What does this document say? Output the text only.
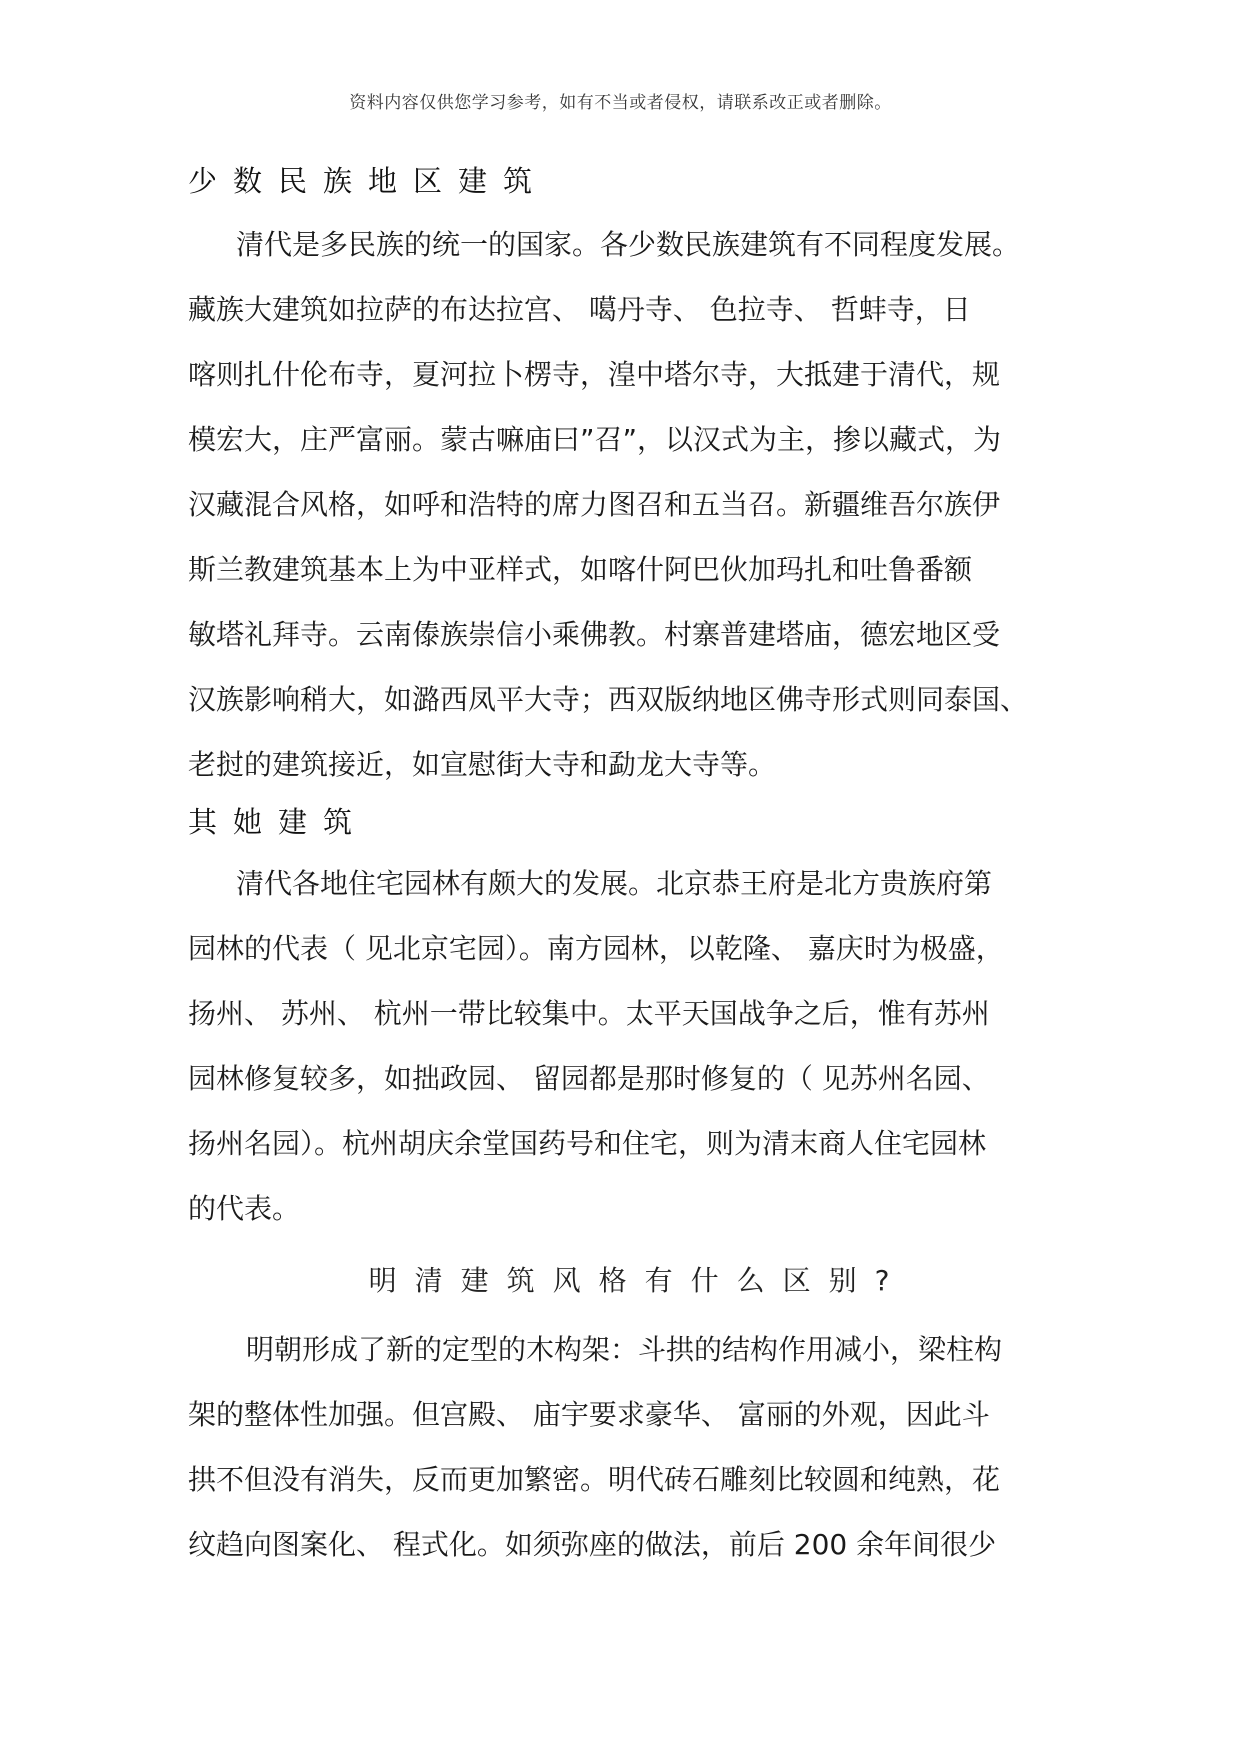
资料内容仅供您学习参考，如有不当或者侵权，请联系改正或者删除。
少数民族地区建筑
清代是多民族的统一的国家。各少数民族建筑有不同程度发展。
藏族大建筑如拉萨的布达拉宫、 噶丹寺、 色拉寺、 哲蚌寺，日
喀则扎什伦布寺，夏河拉卜楞寺，湟中塔尔寺，大抵建于清代，规
模宏大，庄严富丽。蒙古嘛庙曰”召”，以汉式为主，掺以藏式，为
汉藏混合风格，如呼和浩特的席力图召和五当召。新疆维吾尔族伊
斯兰教建筑基本上为中亚样式，如喀什阿巴伙加玛扎和吐鲁番额
敏塔礼拜寺。云南傣族崇信小乘佛教。村寨普建塔庙，德宏地区受
汉族影响稍大，如潞西凤平大寺；西双版纳地区佛寺形式则同泰国、
老挝的建筑接近，如宣慰街大寺和勐龙大寺等。
其她建筑
清代各地住宅园林有颇大的发展。北京恭王府是北方贵族府第
园林的代表（ 见北京宅园）。南方园林，以乾隆、 嘉庆时为极盛，
扬州、 苏州、 杭州一带比较集中。太平天国战争之后，惟有苏州
园林修复较多，如拙政园、 留园都是那时修复的（ 见苏州名园、
扬州名园）。杭州胡庆余堂国药号和住宅，则为清末商人住宅园林
的代表。
明清建筑风格有什么区别?
明朝形成了新的定型的木构架：斗拱的结构作用减小，梁柱构
架的整体性加强。但宫殿、 庙宇要求豪华、 富丽的外观，因此斗
拱不但没有消失，反而更加繁密。明代砖石雕刻比较圆和纯熟，花
纹趋向图案化、 程式化。如须弥座的做法，前后 200 余年间很少
